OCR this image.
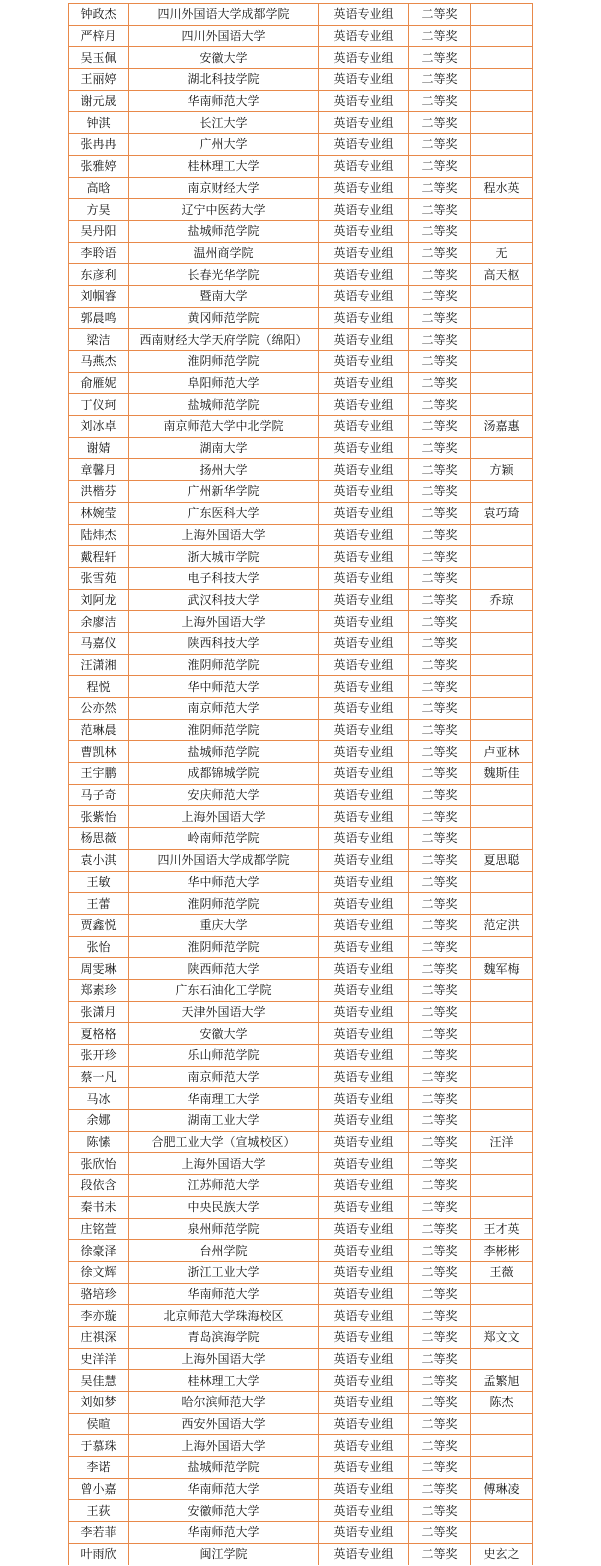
钟政杰	四川外国语大学成都学院	英语专业组	二等奖	
严梓月	四川外国语大学	英语专业组	二等奖	
吴玉佩	安徽大学	英语专业组	二等奖	
王丽婷	湖北科技学院	英语专业组	二等奖	
谢元晟	华南师范大学	英语专业组	二等奖	
钟淇	长江大学	英语专业组	二等奖	
张冉冉	广州大学	英语专业组	二等奖	
张雅婷	桂林理工大学	英语专业组	二等奖	
高晗	南京财经大学	英语专业组	二等奖	程水英
方昊	辽宁中医药大学	英语专业组	二等奖	
吴丹阳	盐城师范学院	英语专业组	二等奖	
李聆语	温州商学院	英语专业组	二等奖	无
东彦利	长春光华学院	英语专业组	二等奖	高天枢
刘帼睿	暨南大学	英语专业组	二等奖	
郭晨鸣	黄冈师范学院	英语专业组	二等奖	
梁洁	西南财经大学天府学院（绵阳）	英语专业组	二等奖	
马燕杰	淮阴师范学院	英语专业组	二等奖	
俞雁妮	阜阳师范大学	英语专业组	二等奖	
丁仪珂	盐城师范学院	英语专业组	二等奖	
刘冰卓	南京师范大学中北学院	英语专业组	二等奖	汤嘉惠
谢婧	湖南大学	英语专业组	二等奖	
章馨月	扬州大学	英语专业组	二等奖	方颖
洪楷芬	广州新华学院	英语专业组	二等奖	
林婉莹	广东医科大学	英语专业组	二等奖	袁巧琦
陆炜杰	上海外国语大学	英语专业组	二等奖	
戴程轩	浙大城市学院	英语专业组	二等奖	
张雪苑	电子科技大学	英语专业组	二等奖	
刘阿龙	武汉科技大学	英语专业组	二等奖	乔琼
余廖洁	上海外国语大学	英语专业组	二等奖	
马嘉仪	陕西科技大学	英语专业组	二等奖	
汪潇湘	淮阴师范学院	英语专业组	二等奖	
程悦	华中师范大学	英语专业组	二等奖	
公亦然	南京师范大学	英语专业组	二等奖	
范琳晨	淮阴师范学院	英语专业组	二等奖	
曹凯林	盐城师范学院	英语专业组	二等奖	卢亚林
王宇鹏	成都锦城学院	英语专业组	二等奖	魏斯佳
马子奇	安庆师范大学	英语专业组	二等奖	
张紫怡	上海外国语大学	英语专业组	二等奖	
杨思薇	岭南师范学院	英语专业组	二等奖	
袁小淇	四川外国语大学成都学院	英语专业组	二等奖	夏思聪
王敏	华中师范大学	英语专业组	二等奖	
王蕾	淮阴师范学院	英语专业组	二等奖	
贾鑫悦	重庆大学	英语专业组	二等奖	范定洪
张怡	淮阴师范学院	英语专业组	二等奖	
周雯琳	陕西师范大学	英语专业组	二等奖	魏军梅
郑素珍	广东石油化工学院	英语专业组	二等奖	
张潇月	天津外国语大学	英语专业组	二等奖	
夏格格	安徽大学	英语专业组	二等奖	
张开珍	乐山师范学院	英语专业组	二等奖	
蔡一凡	南京师范大学	英语专业组	二等奖	
马冰	华南理工大学	英语专业组	二等奖	
余娜	湖南工业大学	英语专业组	二等奖	
陈愫	合肥工业大学（宣城校区）	英语专业组	二等奖	汪洋
张欣怡	上海外国语大学	英语专业组	二等奖	
段依含	江苏师范大学	英语专业组	二等奖	
秦书未	中央民族大学	英语专业组	二等奖	
庄铭萱	泉州师范学院	英语专业组	二等奖	王才英
徐豪泽	台州学院	英语专业组	二等奖	李彬彬
徐文辉	浙江工业大学	英语专业组	二等奖	王薇
骆培珍	华南师范大学	英语专业组	二等奖	
李亦璇	北京师范大学珠海校区	英语专业组	二等奖	
庄祺深	青岛滨海学院	英语专业组	二等奖	郑文文
史洋洋	上海外国语大学	英语专业组	二等奖	
吴佳慧	桂林理工大学	英语专业组	二等奖	孟繁旭
刘如梦	哈尔滨师范大学	英语专业组	二等奖	陈杰
侯暄	西安外国语大学	英语专业组	二等奖	
于慕珠	上海外国语大学	英语专业组	二等奖	
李诺	盐城师范学院	英语专业组	二等奖	
曾小嘉	华南师范大学	英语专业组	二等奖	傅琳凌
王荻	安徽师范大学	英语专业组	二等奖	
李若菲	华南师范大学	英语专业组	二等奖	
叶雨欣	闽江学院	英语专业组	二等奖	史玄之
